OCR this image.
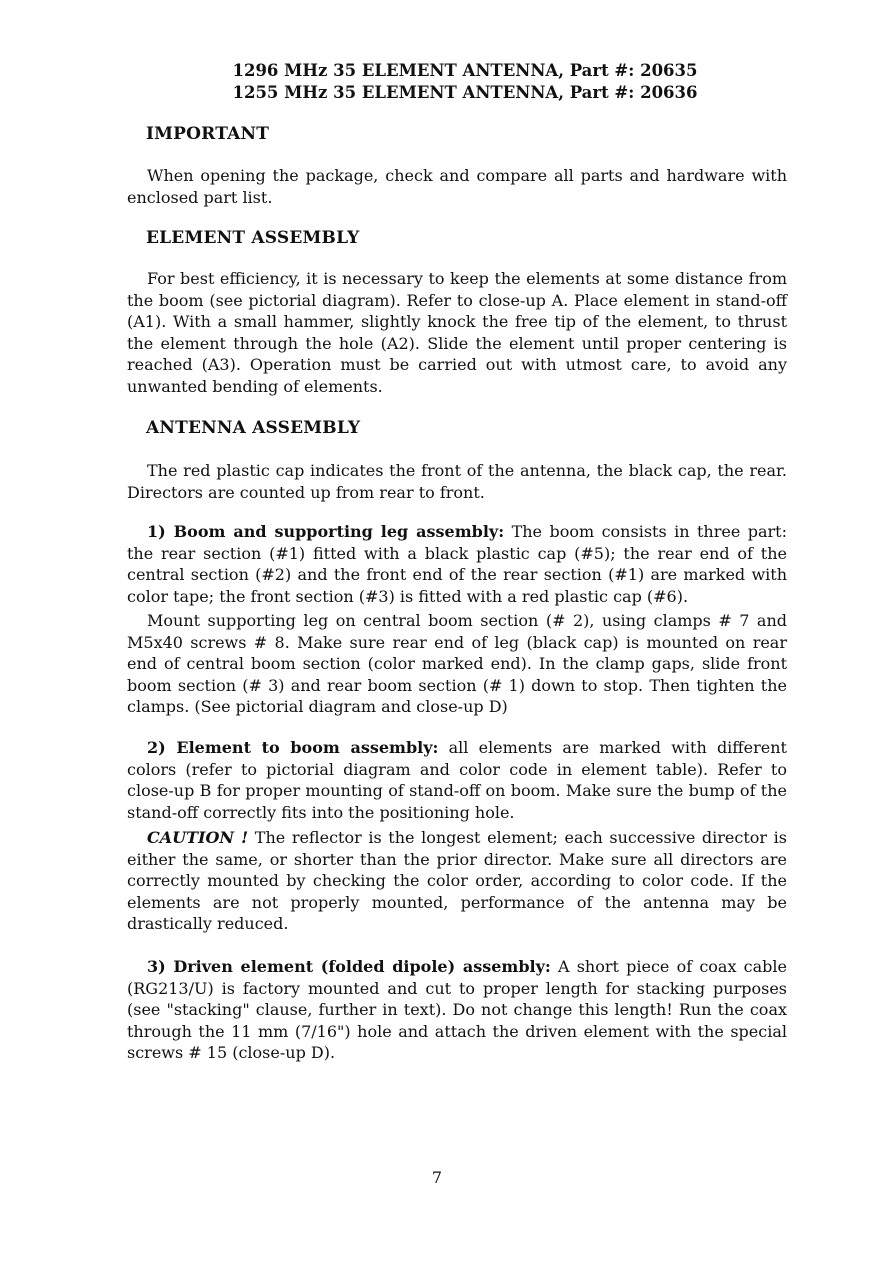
1296 MHz 35 ELEMENT ANTENNA, Part #: 20635
1255 MHz 35 ELEMENT ANTENNA, Part #: 20636
IMPORTANT

When opening the package, check and compare all parts and hardware with enclosed part list.

ELEMENT ASSEMBLY

For best efficiency, it is necessary to keep the elements at some distance from the boom (see pictorial diagram). Refer to close-up A. Place element in stand-off (A1). With a small hammer, slightly knock the free tip of the element, to thrust the element through the hole (A2). Slide the element until proper centering is reached (A3). Operation must be carried out with utmost care, to avoid any unwanted bending of elements.

ANTENNA ASSEMBLY

The red plastic cap indicates the front of the antenna, the black cap, the rear. Directors are counted up from rear to front.

1) Boom and supporting leg assembly: The boom consists in three part: the rear section (#1) fitted with a black plastic cap (#5); the rear end of the central section (#2) and the front end of the rear section (#1) are marked with color tape; the front section (#3) is fitted with a red plastic cap (#6).

Mount supporting leg on central boom section (# 2), using clamps # 7 and M5x40 screws # 8. Make sure rear end of leg (black cap) is mounted on rear end of central boom section (color marked end). In the clamp gaps, slide front boom section (# 3) and rear boom section (# 1) down to stop. Then tighten the clamps. (See pictorial diagram and close-up D)

2) Element to boom assembly: all elements are marked with different colors (refer to pictorial diagram and color code in element table). Refer to close-up B for proper mounting of stand-off on boom. Make sure the bump of the stand-off correctly fits into the positioning hole.

CAUTION ! The reflector is the longest element; each successive director is either the same, or shorter than the prior director. Make sure all directors are correctly mounted by checking the color order, according to color code. If the elements are not properly mounted, performance of the antenna may be drastically reduced.

3) Driven element (folded dipole) assembly: A short piece of coax cable (RG213/U) is factory mounted and cut to proper length for stacking purposes (see "stacking" clause, further in text). Do not change this length! Run the coax through the 11 mm (7/16") hole and attach the driven element with the special screws # 15 (close-up D).

7
